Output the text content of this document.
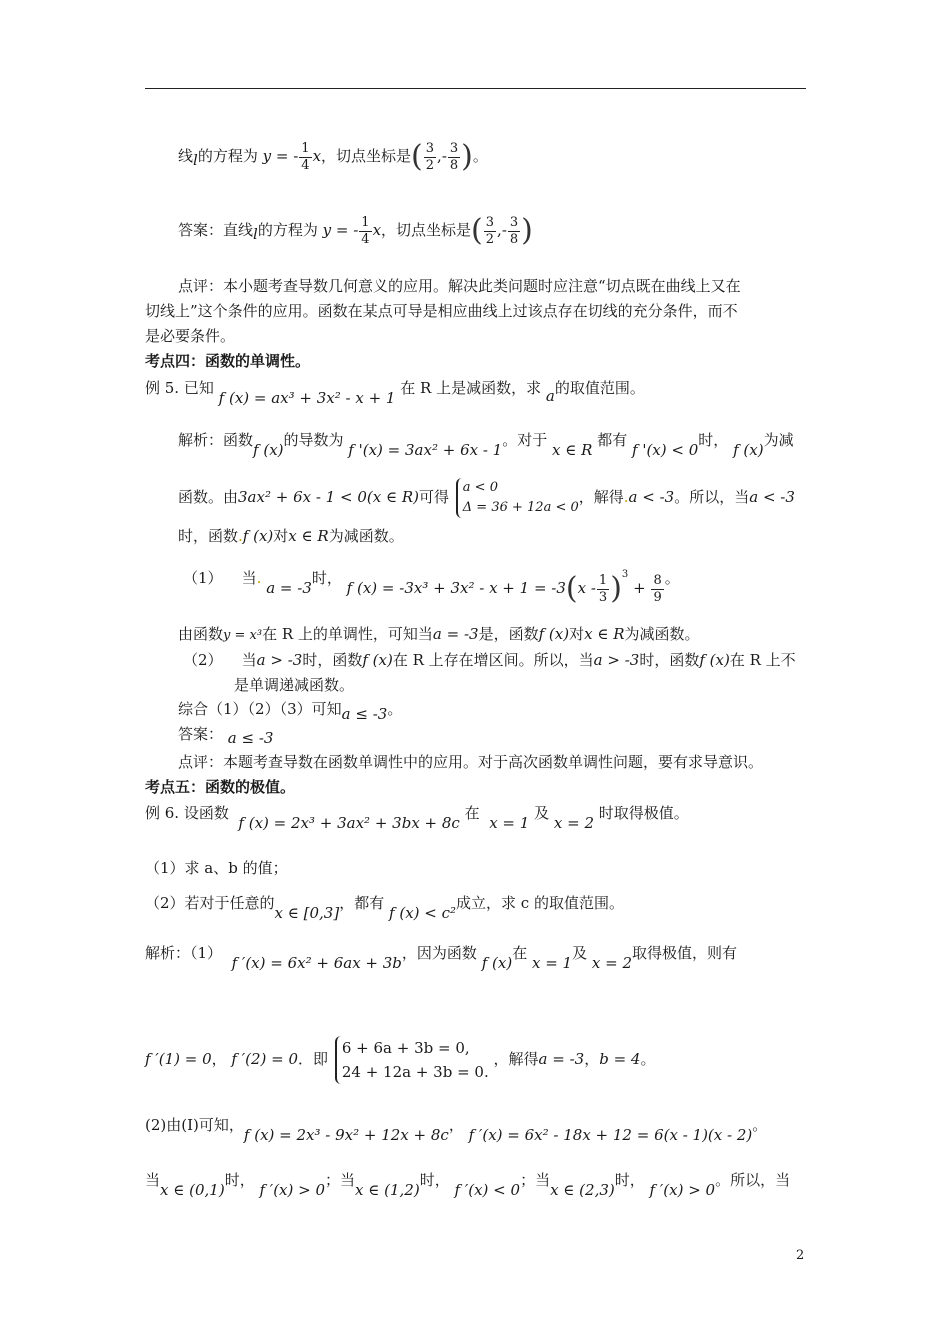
线$_l$的方程为 y = - $\frac{1}{4}$ x，切点坐标是( $\frac{3}{2}$ ,- $\frac{3}{8}$ )。
答案：直线$_l$的方程为 y = - $\frac{1}{4}$ x，切点坐标是( $\frac{3}{2}$ ,- $\frac{3}{8}$ )
点评：本小题考查导数几何意义的应用。解决此类问题时应注意“切点既在曲线上又在
切线上”这个条件的应用。函数在某点可导是相应曲线上过该点存在切线的充分条件，而不
是必要条件。
考点四：函数的单调性。
例 5. 已知 f (x) = ax³ + 3x² - x + 1 在 R 上是减函数，求 a的取值范围。
解析：函数f (x)的导数为 f '(x) = 3ax² + 6x - 1。对于 x ∈ R 都有 f '(x) < 0时， f (x)为减
函数。由3ax² + 6x - 1 < 0(x ∈ R)可得
a < 0
Δ = 36 + 12a < 0
，解得.a < -3。所以，当a < -3
时，函数.f (x)对x ∈ R为减函数。
（1） 当. a = -3时， f $(x) = -3x^3 + 3x^2 - x + 1 = -3(x - \frac{1}{3} )^3 + \frac{8}{9}$ 。
由函数y = x³在 R 上的单调性，可知当a = -3是，函数f (x)对x ∈ R为减函数。
（2） 当a > -3时，函数f (x)在 R 上存在增区间。所以，当a > -3时，函数f (x)在 R 上不
是单调递减函数。
综合（1）（2）（3）可知a ≤ -3。
答案： a ≤ -3
点评：本题考查导数在函数单调性中的应用。对于高次函数单调性问题，要有求导意识。
考点五：函数的极值。
例 6. 设函数  f (x) = 2x³ + 3ax² + 3bx + 8c 在  x = 1 及 x = 2 时取得极值。
（1）求 a、b 的值；
（2）若对于任意的x ∈ [0,3]，都有 f (x) < c²成立，求 c 的取值范围。
解析：（1）  f ′(x) = 6x² + 6ax + 3b，因为函数 f (x)在 x = 1及 x = 2取得极值，则有
f ′(1) = 0， f ′(2) = 0．即
6 + 6a + 3b = 0,
24 + 12a + 3b = 0.
，解得a = -3，b = 4。
(2)由(Ⅰ)可知，f (x) = 2x³ - 9x² + 12x + 8c， f ′(x) = 6x² - 18x + 12 = 6(x - 1)(x - 2)。
当x ∈ (0,1)时， f ′(x) > 0；当x ∈ (1,2)时， f ′(x) < 0；当x ∈ (2,3)时， f ′(x) > 0。所以，当
2
